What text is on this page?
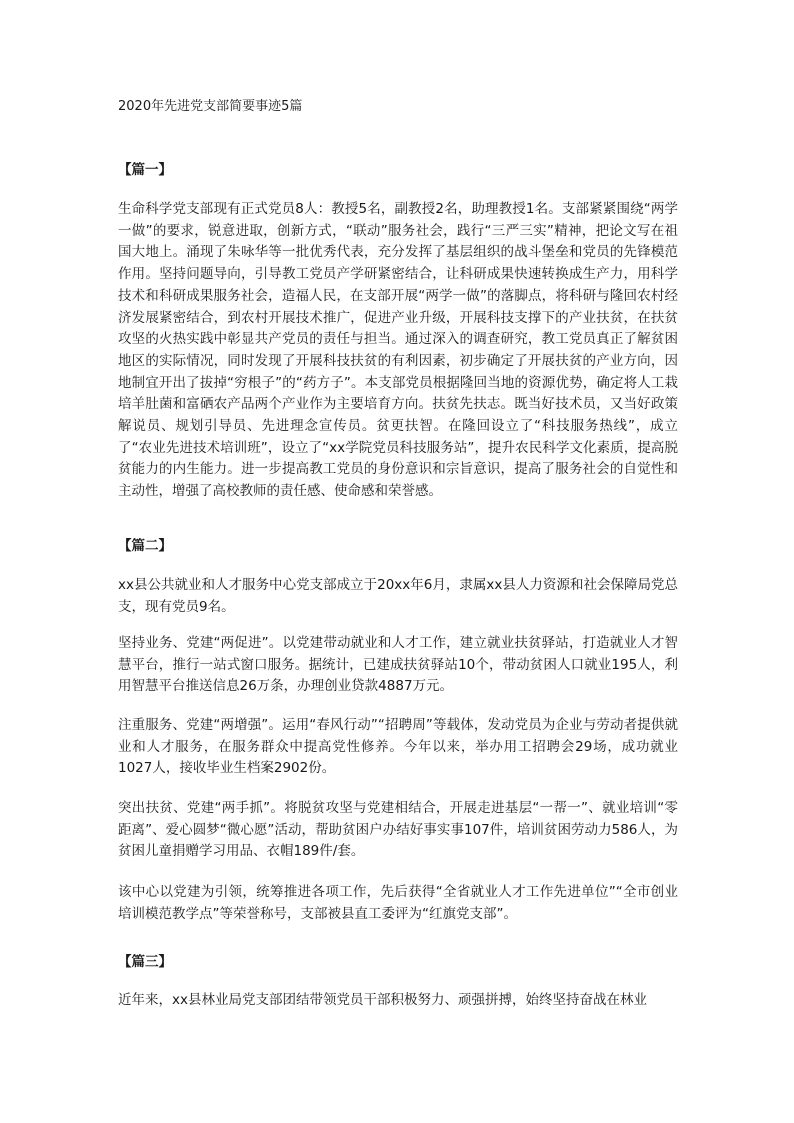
2020年先进党支部简要事迹5篇
【篇一】

生命科学党支部现有正式党员8人：教授5名，副教授2名，助理教授1名。支部紧紧围绕“两学一做”的要求，锐意进取，创新方式，“联动”服务社会，践行“三严三实”精神，把论文写在祖国大地上。涌现了朱咏华等一批优秀代表，充分发挥了基层组织的战斗堡垒和党员的先锋模范作用。坚持问题导向，引导教工党员产学研紧密结合，让科研成果快速转换成生产力，用科学技术和科研成果服务社会，造福人民，在支部开展“两学一做”的落脚点，将科研与隆回农村经济发展紧密结合，到农村开展技术推广，促进产业升级，开展科技支撑下的产业扶贫，在扶贫攻坚的火热实践中彰显共产党员的责任与担当。通过深入的调查研究，教工党员真正了解贫困地区的实际情况，同时发现了开展科技扶贫的有利因素，初步确定了开展扶贫的产业方向，因地制宜开出了拔掉“穷根子”的“药方子”。本支部党员根据隆回当地的资源优势，确定将人工栽培羊肚菌和富硒农产品两个产业作为主要培育方向。扶贫先扶志。既当好技术员，又当好政策解说员、规划引导员、先进理念宣传员。贫更扶智。在隆回设立了“科技服务热线”，成立了“农业先进技术培训班”，设立了“xx学院党员科技服务站”，提升农民科学文化素质，提高脱贫能力的内生能力。进一步提高教工党员的身份意识和宗旨意识，提高了服务社会的自觉性和主动性，增强了高校教师的责任感、使命感和荣誉感。

【篇二】

xx县公共就业和人才服务中心党支部成立于20xx年6月，隶属xx县人力资源和社会保障局党总支，现有党员9名。

坚持业务、党建“两促进”。以党建带动就业和人才工作，建立就业扶贫驿站，打造就业人才智慧平台，推行一站式窗口服务。据统计，已建成扶贫驿站10个，带动贫困人口就业195人，利用智慧平台推送信息26万条，办理创业贷款4887万元。

注重服务、党建“两增强”。运用“春风行动”“招聘周”等载体，发动党员为企业与劳动者提供就业和人才服务，在服务群众中提高党性修养。今年以来，举办用工招聘会29场，成功就业1027人，接收毕业生档案2902份。

突出扶贫、党建“两手抓”。将脱贫攻坚与党建相结合，开展走进基层“一帮一”、就业培训“零距离”、爱心圆梦“微心愿”活动，帮助贫困户办结好事实事107件，培训贫困劳动力586人，为贫困儿童捐赠学习用品、衣帽189件/套。

该中心以党建为引领，统筹推进各项工作，先后获得“全省就业人才工作先进单位”“全市创业培训模范教学点”等荣誉称号，支部被县直工委评为“红旗党支部”。

【篇三】

近年来，xx县林业局党支部团结带领党员干部积极努力、顽强拼搏，始终坚持奋战在林业
